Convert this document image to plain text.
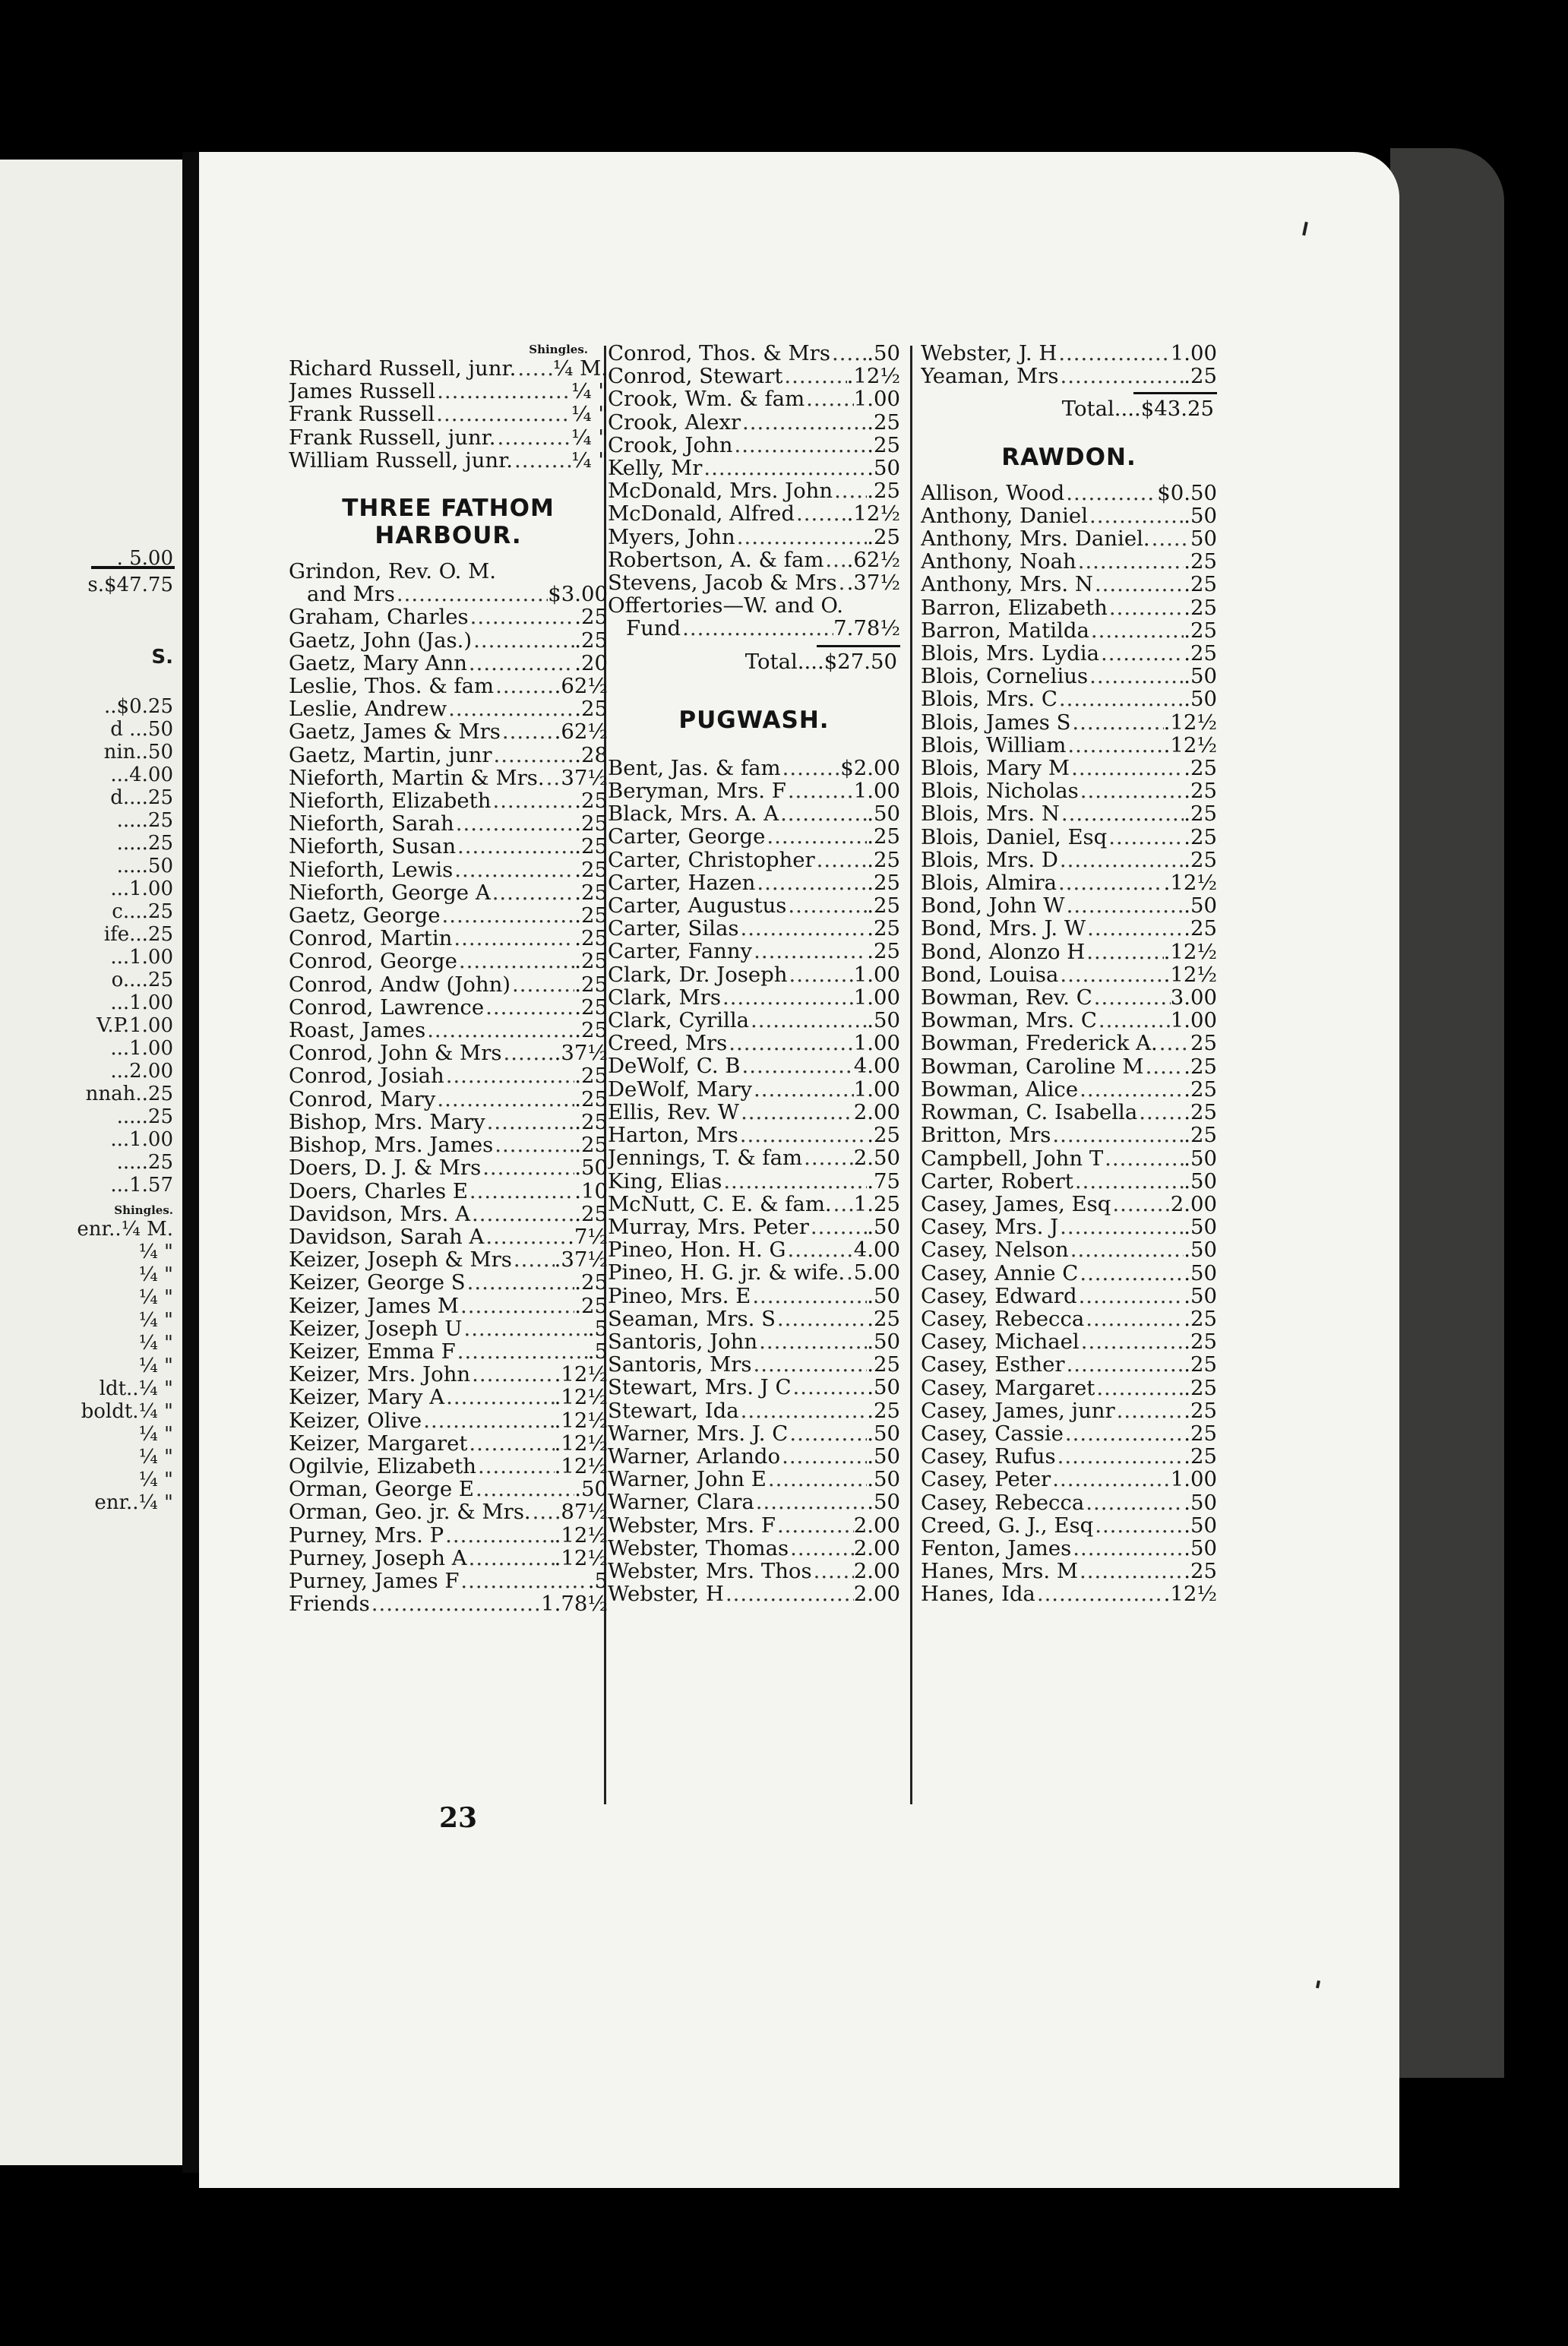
. 5.00
s.$47.75
S.
..$0.25
d ...50
nin..50
...4.00
d....25
.....25
.....25
.....50
...1.00
c....25
ife...25
...1.00
o....25
...1.00
V.P.1.00
...1.00
...2.00
nnah..25
.....25
...1.00
.....25
...1.57
Shingles.
enr..¼ M.
¼ "
¼ "
¼ "
¼ "
¼ "
¼ "
ldt..¼ "
boldt.¼ "
¼ "
¼ "
¼ "
enr..¼ "
Shingles.
Richard Russell, junr. ..... ¼ M.
James Russell .....	¼ "
Frank Russell .....	¼ "
Frank Russell, junr. .....	¼ "
William Russell, junr. .....	¼ "
THREE FATHOM
HARBOUR.
Grindon, Rev. O. M.
and Mrs .....	$3.00
Graham, Charles .....	.25
Gaetz, John (Jas.) .....	.25
Gaetz, Mary Ann .....	.20
Leslie, Thos. & fam .....	.62½
Leslie, Andrew .....	.25
Gaetz, James & Mrs .....	.62½
Gaetz, Martin, junr .....	.28
Nieforth, Martin & Mrs. ..... 37½
Nieforth, Elizabeth .....	.25
Nieforth, Sarah .....	.25
Nieforth, Susan .....	.25
Nieforth, Lewis .....	.25
Nieforth, George A .....	.25
Gaetz, George .....	.25
Conrod, Martin .....	.25
Conrod, George .....	.25
Conrod, Andw (John) .....	.25
Conrod, Lawrence .....	.25
Roast, James .....	.25
Conrod, John & Mrs .....	.37½
Conrod, Josiah .....	.25
Conrod, Mary .....	.25
Bishop, Mrs. Mary .....	.25
Bishop, Mrs. James .....	.25
Doers, D. J. & Mrs .....	.50
Doers, Charles E .....	.10
Davidson, Mrs. A .....	.25
Davidson, Sarah A .....	.7½
Keizer, Joseph & Mrs ..... .37½
Keizer, George S .....	.25
Keizer, James M .....	.25
Keizer, Joseph U .....	.5
Keizer, Emma F .....	.5
Keizer, Mrs. John .....	.12½
Keizer, Mary A .....	.12½
Keizer, Olive .....	.12½
Keizer, Margaret .....	.12½
Ogilvie, Elizabeth .....	.12½
Orman, George E .....	.50
Orman, Geo. jr. & Mrs. ..... 87½
Purney, Mrs. P .....	.12½
Purney, Joseph A .....	.12½
Purney, James F .....	.5
Friends .....	1.78½
Conrod, Thos. & Mrs ..... .50
Conrod, Stewart .....	.12½
Crook, Wm. & fam ..... 1.00
Crook, Alexr .....	.25
Crook, John .....	.25
Kelly, Mr .....	.50
McDonald, Mrs. John ..... .25
McDonald, Alfred ..... .12½
Myers, John .....	.25
Robertson, A. & fam ..... .62½
Stevens, Jacob & Mrs ..... .37½
Offertories—W. and O.
Fund .....	7.78½
Total....$27.50
PUGWASH.
Bent, Jas. & fam .....	$2.00
Beryman, Mrs. F .....	1.00
Black, Mrs. A. A .....	.50
Carter, George .....	.25
Carter, Christopher ..... .25
Carter, Hazen .....	.25
Carter, Augustus .....	.25
Carter, Silas .....	.25
Carter, Fanny .....	.25
Clark, Dr. Joseph .....	1.00
Clark, Mrs .....	1.00
Clark, Cyrilla .....	.50
Creed, Mrs .....	1.00
DeWolf, C. B .....	4.00
DeWolf, Mary .....	1.00
Ellis, Rev. W .....	2.00
Harton, Mrs .....	.25
Jennings, T. & fam ..... 2.50
King, Elias .....	.75
McNutt, C. E. & fam. ..... 1.25
Murray, Mrs. Peter .....	.50
Pineo, Hon. H. G .....	4.00
Pineo, H. G. jr. & wife. ..... 5.00
Pineo, Mrs. E .....	.50
Seaman, Mrs. S .....	.25
Santoris, John .....	.50
Santoris, Mrs .....	.25
Stewart, Mrs. J C .....	.50
Stewart, Ida .....	.25
Warner, Mrs. J. C .....	.50
Warner, Arlando .....	.50
Warner, John E .....	.50
Warner, Clara .....	.50
Webster, Mrs. F .....	2.00
Webster, Thomas .....	2.00
Webster, Mrs. Thos ..... 2.00
Webster, H .....	2.00
Webster, J. H .....	1.00
Yeaman, Mrs .....	.25
Total....$43.25
RAWDON.
Allison, Wood .....	$0.50
Anthony, Daniel .....	.50
Anthony, Mrs. Daniel. ..... 50
Anthony, Noah .....	.25
Anthony, Mrs. N .....	.25
Barron, Elizabeth .....	.25
Barron, Matilda .....	.25
Blois, Mrs. Lydia .....	.25
Blois, Cornelius .....	.50
Blois, Mrs. C .....	.50
Blois, James S .....	.12½
Blois, William .....	.12½
Blois, Mary M .....	.25
Blois, Nicholas .....	.25
Blois, Mrs. N .....	.25
Blois, Daniel, Esq .....	.25
Blois, Mrs. D .....	.25
Blois, Almira .....	.12½
Bond, John W .....	.50
Bond, Mrs. J. W .....	.25
Bond, Alonzo H .....	.12½
Bond, Louisa .....	.12½
Bowman, Rev. C .....	3.00
Bowman, Mrs. C .....	1.00
Bowman, Frederick A. ..... 25
Bowman, Caroline M ..... .25
Bowman, Alice .....	.25
Rowman, C. Isabella ..... .25
Britton, Mrs .....	.25
Campbell, John T .....	.50
Carter, Robert .....	.50
Casey, James, Esq .....	2.00
Casey, Mrs. J .....	.50
Casey, Nelson .....	.50
Casey, Annie C .....	.50
Casey, Edward .....	.50
Casey, Rebecca .....	.25
Casey, Michael .....	.25
Casey, Esther .....	.25
Casey, Margaret .....	.25
Casey, James, junr .....	.25
Casey, Cassie .....	.25
Casey, Rufus .....	.25
Casey, Peter .....	1.00
Casey, Rebecca .....	.50
Creed, G. J., Esq .....	.50
Fenton, James .....	.50
Hanes, Mrs. M .....	.25
Hanes, Ida .....	.12½
23
